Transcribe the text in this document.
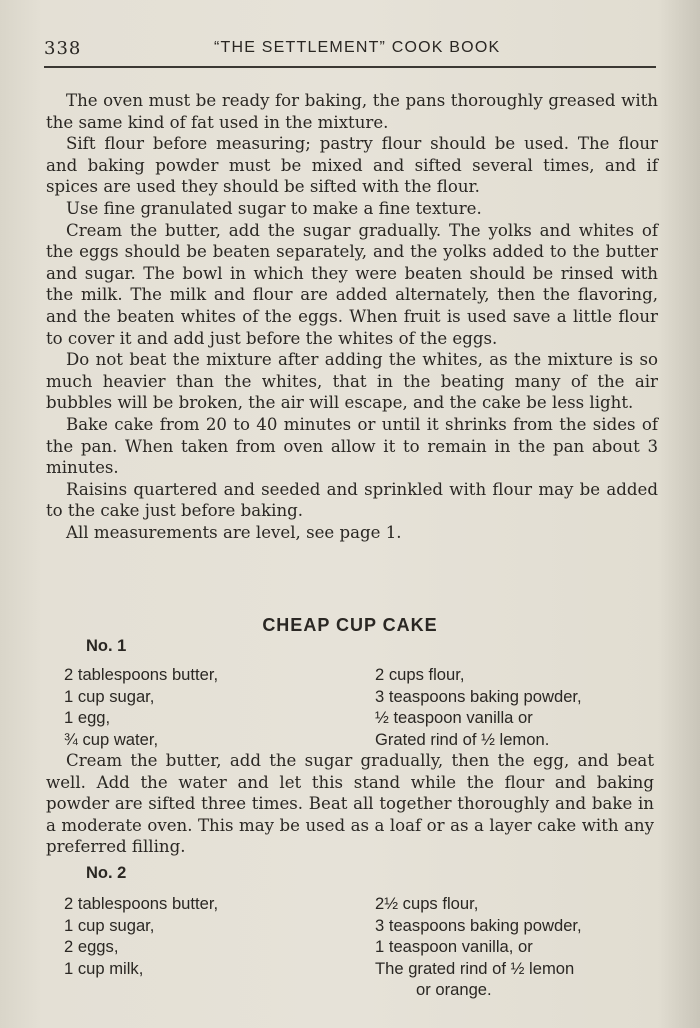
338	“THE SETTLEMENT” COOK BOOK

The oven must be ready for baking, the pans thoroughly greased with the same kind of fat used in the mixture.

Sift flour before measuring; pastry flour should be used. The flour and baking powder must be mixed and sifted several times, and if spices are used they should be sifted with the flour.

Use fine granulated sugar to make a fine texture.

Cream the butter, add the sugar gradually. The yolks and whites of the eggs should be beaten separately, and the yolks added to the butter and sugar. The bowl in which they were beaten should be rinsed with the milk. The milk and flour are added alternately, then the flavoring, and the beaten whites of the eggs. When fruit is used save a little flour to cover it and add just before the whites of the eggs.

Do not beat the mixture after adding the whites, as the mixture is so much heavier than the whites, that in the beating many of the air bubbles will be broken, the air will escape, and the cake be less light.

Bake cake from 20 to 40 minutes or until it shrinks from the sides of the pan. When taken from oven allow it to remain in the pan about 3 minutes.

Raisins quartered and seeded and sprinkled with flour may be added to the cake just before baking.

All measurements are level, see page 1.

CHEAP CUP CAKE
No. 1
2 tablespoons butter,	2 cups flour,
1 cup sugar,	3 teaspoons baking powder,
1 egg,	½ teaspoon vanilla or
¾ cup water,	Grated rind of ½ lemon.

Cream the butter, add the sugar gradually, then the egg, and beat well. Add the water and let this stand while the flour and baking powder are sifted three times. Beat all together thoroughly and bake in a moderate oven. This may be used as a loaf or as a layer cake with any preferred filling.

No. 2
2 tablespoons butter,	2½ cups flour,
1 cup sugar,	3 teaspoons baking powder,
2 eggs,	1 teaspoon vanilla, or
1 cup milk,	The grated rind of ½ lemon
or orange.
